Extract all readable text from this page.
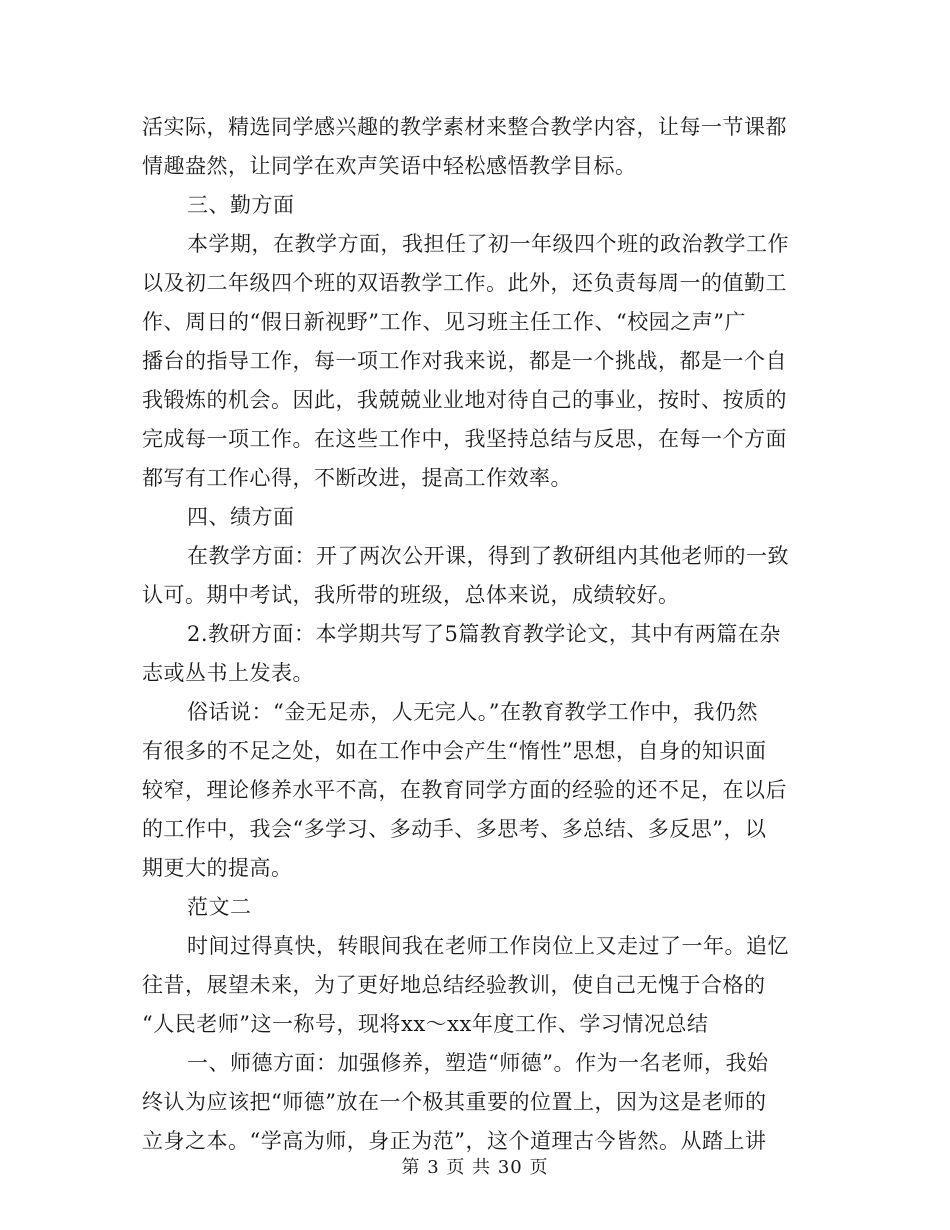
活实际，精选同学感兴趣的教学素材来整合教学内容，让每一节课都
情趣盎然，让同学在欢声笑语中轻松感悟教学目标。
三、勤方面
本学期，在教学方面，我担任了初一年级四个班的政治教学工作
以及初二年级四个班的双语教学工作。此外，还负责每周一的值勤工
作、周日的“假日新视野”工作、见习班主任工作、“校园之声”广
播台的指导工作，每一项工作对我来说，都是一个挑战，都是一个自
我锻炼的机会。因此，我兢兢业业地对待自己的事业，按时、按质的
完成每一项工作。在这些工作中，我坚持总结与反思，在每一个方面
都写有工作心得，不断改进，提高工作效率。
四、绩方面
在教学方面：开了两次公开课，得到了教研组内其他老师的一致
认可。期中考试，我所带的班级，总体来说，成绩较好。
2.教研方面：本学期共写了5篇教育教学论文，其中有两篇在杂
志或丛书上发表。
俗话说：“金无足赤，人无完人。”在教育教学工作中，我仍然
有很多的不足之处，如在工作中会产生“惰性”思想，自身的知识面
较窄，理论修养水平不高，在教育同学方面的经验的还不足，在以后
的工作中，我会“多学习、多动手、多思考、多总结、多反思”，以
期更大的提高。
范文二
时间过得真快，转眼间我在老师工作岗位上又走过了一年。追忆
往昔，展望未来，为了更好地总结经验教训，使自己无愧于合格的
“人民老师”这一称号，现将xx～xx年度工作、学习情况总结
一、师德方面：加强修养，塑造“师德”。作为一名老师，我始
终认为应该把“师德”放在一个极其重要的位置上，因为这是老师的
立身之本。“学高为师，身正为范”，这个道理古今皆然。从踏上讲
第 3 页 共 30 页
